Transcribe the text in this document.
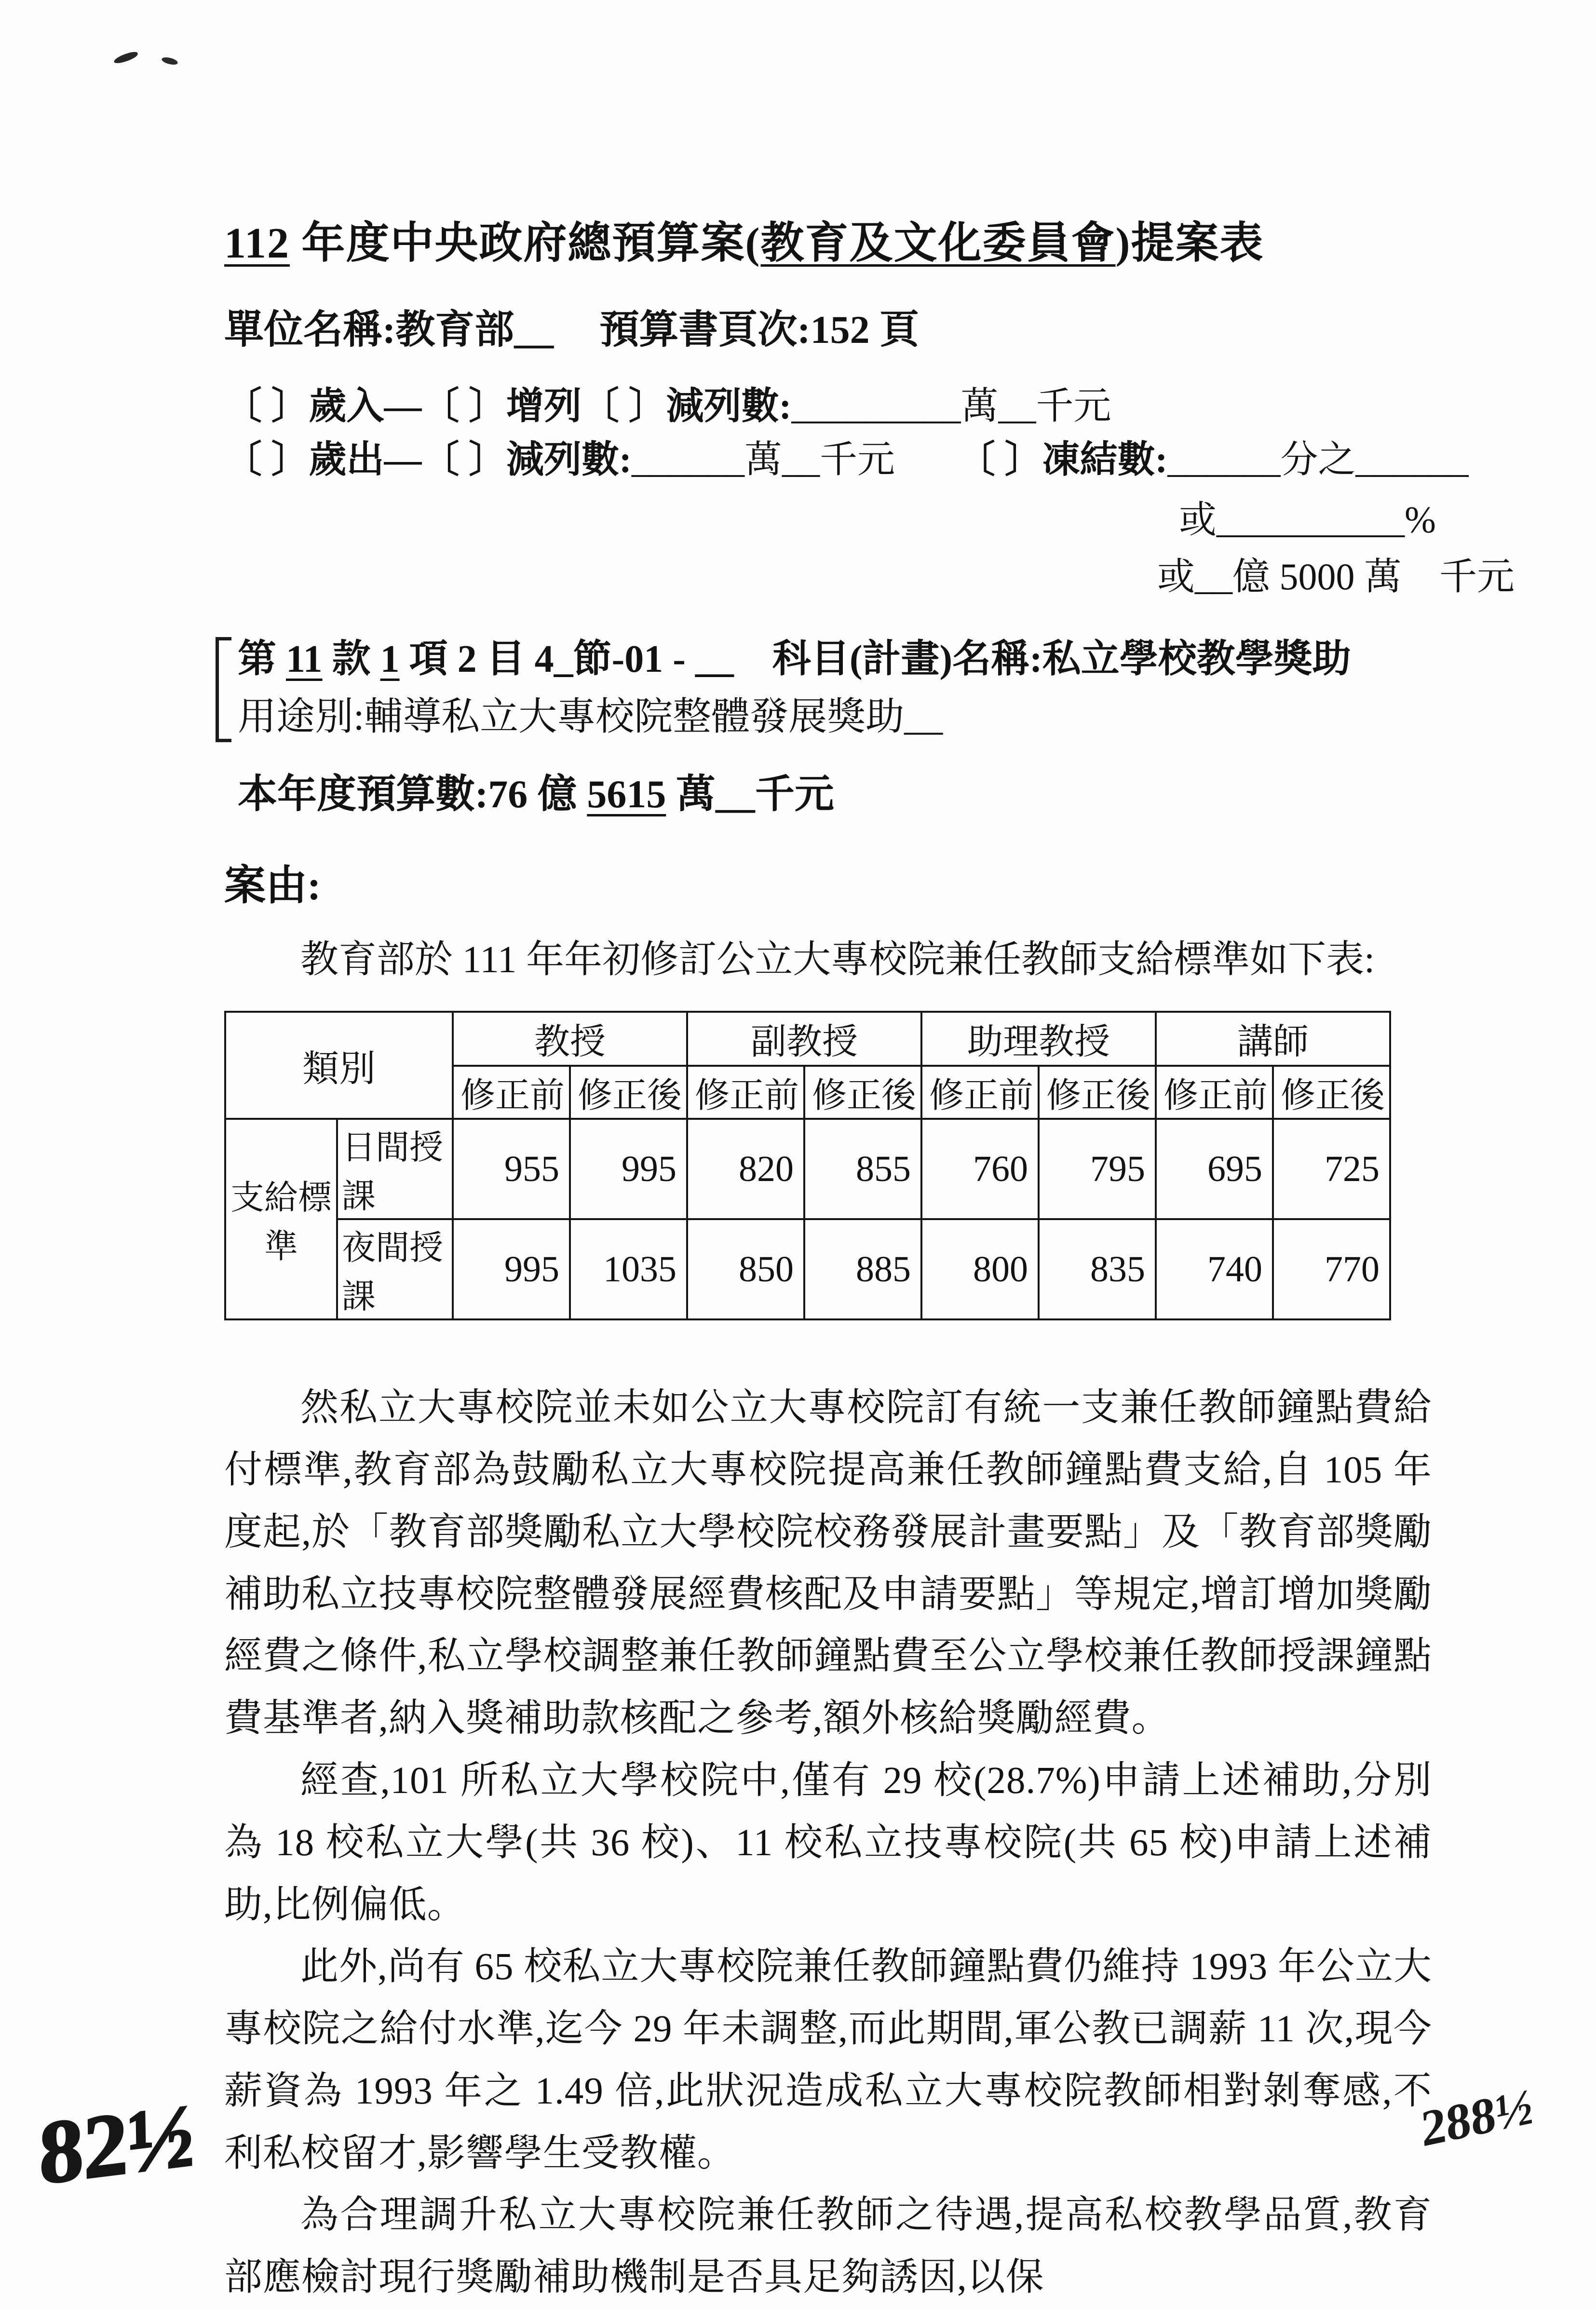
112 年度中央政府總預算案(教育及文化委員會)提案表
單位名稱:教育部__ 預算書頁次:152 頁
〔 〕歲入—〔 〕增列〔 〕減列數:_________萬__千元
〔 〕歲出—〔 〕減列數:______萬__千元 〔 〕凍結數:______分之______
或__________%
或__億 5000 萬　千元
第 11 款 1 項 2 目 4_節-01 - __　科目(計畫)名稱:私立學校教學獎助
用途別:輔導私立大專校院整體發展獎助__
本年度預算數:76 億 5615 萬__千元
案由:

教育部於 111 年年初修訂公立大專校院兼任教師支給標準如下表:

類別		教授		副教授		助理教授		講師	
		修正前	修正後	修正前	修正後	修正前	修正後	修正前	修正後
支給標準	日間授課	955	995	820	855	760	795	695	725
	夜間授課	995	1035	850	885	800	835	740	770

然私立大專校院並未如公立大專校院訂有統一支兼任教師鐘點費給付標準,教育部為鼓勵私立大專校院提高兼任教師鐘點費支給,自 105 年度起,於「教育部獎勵私立大學校院校務發展計畫要點」及「教育部獎勵補助私立技專校院整體發展經費核配及申請要點」等規定,增訂增加獎勵經費之條件,私立學校調整兼任教師鐘點費至公立學校兼任教師授課鐘點費基準者,納入獎補助款核配之參考,額外核給獎勵經費。

經查,101 所私立大學校院中,僅有 29 校(28.7%)申請上述補助,分別為 18 校私立大學(共 36 校)、11 校私立技專校院(共 65 校)申請上述補助,比例偏低。

此外,尚有 65 校私立大專校院兼任教師鐘點費仍維持 1993 年公立大專校院之給付水準,迄今 29 年未調整,而此期間,軍公教已調薪 11 次,現今薪資為 1993 年之 1.49 倍,此狀況造成私立大專校院教師相對剝奪感,不利私校留才,影響學生受教權。

為合理調升私立大專校院兼任教師之待遇,提高私校教學品質,教育部應檢討現行獎勵補助機制是否具足夠誘因,以保

82½	288½
